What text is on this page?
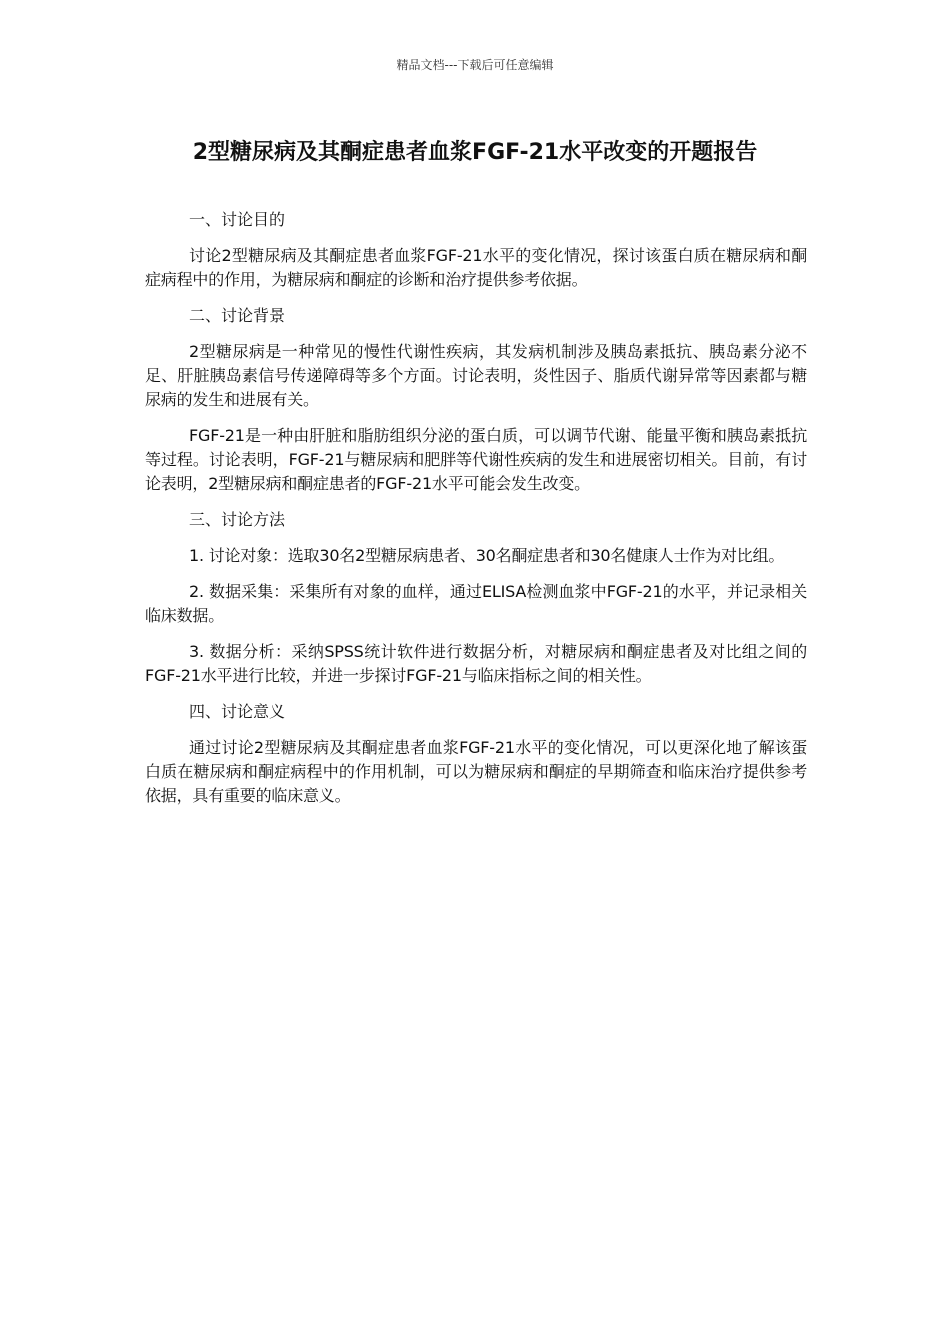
精品文档---下载后可任意编辑
2型糖尿病及其酮症患者血浆FGF-21水平改变的开题报告

一、讨论目的

讨论2型糖尿病及其酮症患者血浆FGF-21水平的变化情况，探讨该蛋白质在糖尿病和酮症病程中的作用，为糖尿病和酮症的诊断和治疗提供参考依据。

二、讨论背景

2型糖尿病是一种常见的慢性代谢性疾病，其发病机制涉及胰岛素抵抗、胰岛素分泌不足、肝脏胰岛素信号传递障碍等多个方面。讨论表明，炎性因子、脂质代谢异常等因素都与糖尿病的发生和进展有关。

FGF-21是一种由肝脏和脂肪组织分泌的蛋白质，可以调节代谢、能量平衡和胰岛素抵抗等过程。讨论表明，FGF-21与糖尿病和肥胖等代谢性疾病的发生和进展密切相关。目前，有讨论表明，2型糖尿病和酮症患者的FGF-21水平可能会发生改变。

三、讨论方法

1. 讨论对象：选取30名2型糖尿病患者、30名酮症患者和30名健康人士作为对比组。

2. 数据采集：采集所有对象的血样，通过ELISA检测血浆中FGF-21的水平，并记录相关临床数据。

3. 数据分析：采纳SPSS统计软件进行数据分析，对糖尿病和酮症患者及对比组之间的FGF-21水平进行比较，并进一步探讨FGF-21与临床指标之间的相关性。

四、讨论意义

通过讨论2型糖尿病及其酮症患者血浆FGF-21水平的变化情况，可以更深化地了解该蛋白质在糖尿病和酮症病程中的作用机制，可以为糖尿病和酮症的早期筛查和临床治疗提供参考依据，具有重要的临床意义。
